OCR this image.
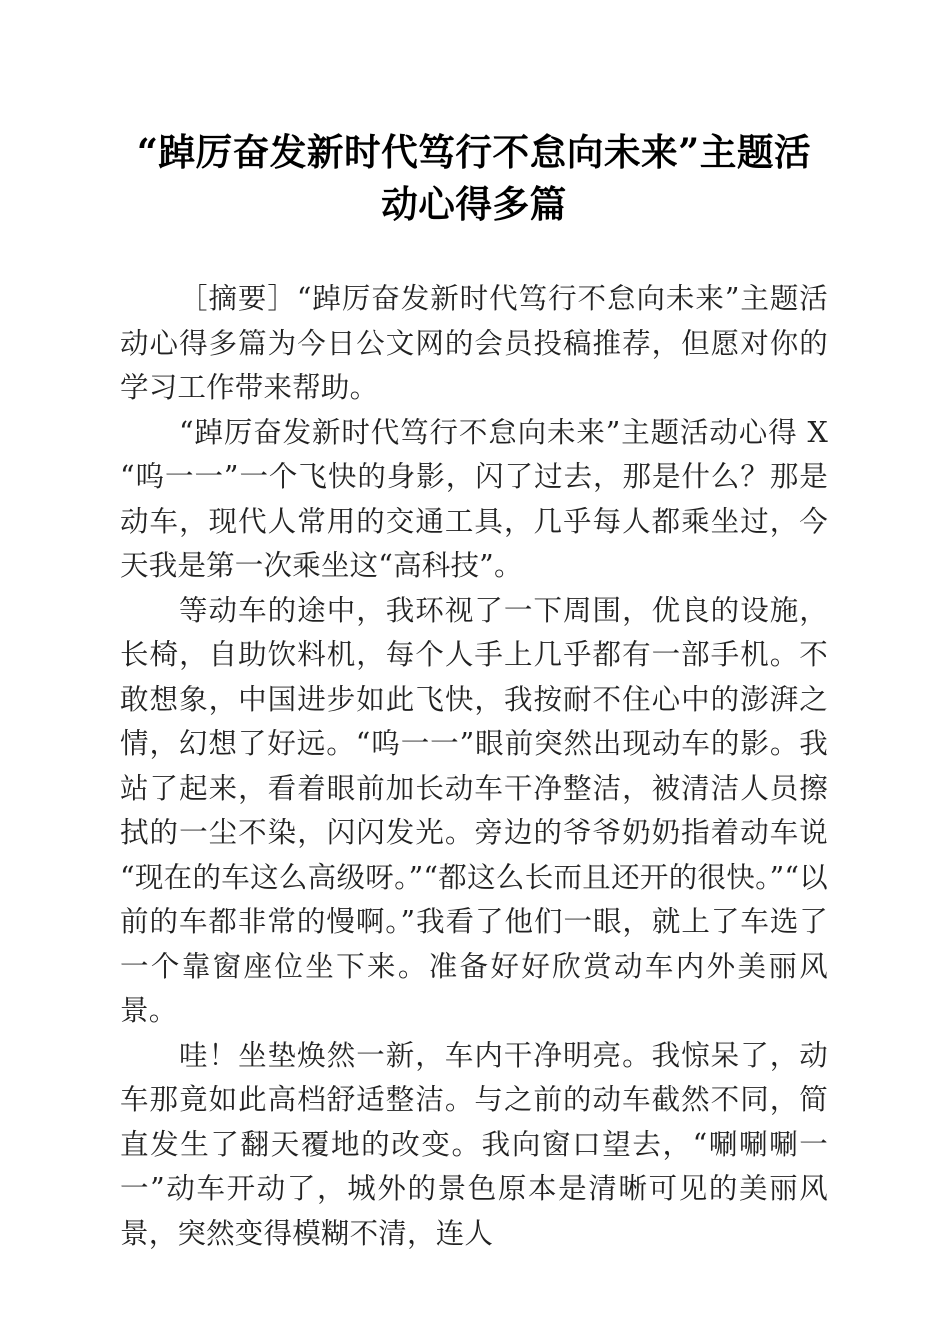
“踔厉奋发新时代笃行不怠向未来”主题活动心得多篇

［摘要］“踔厉奋发新时代笃行不怠向未来”主题活动心得多篇为今日公文网的会员投稿推荐，但愿对你的学习工作带来帮助。

“踔厉奋发新时代笃行不怠向未来”主题活动心得 X “呜一一”一个飞快的身影，闪了过去，那是什么？那是动车，现代人常用的交通工具，几乎每人都乘坐过，今天我是第一次乘坐这“高科技”。

等动车的途中，我环视了一下周围，优良的设施，长椅，自助饮料机，每个人手上几乎都有一部手机。不敢想象，中国进步如此飞快，我按耐不住心中的澎湃之情，幻想了好远。“呜一一”眼前突然出现动车的影。我站了起来，看着眼前加长动车干净整洁，被清洁人员擦拭的一尘不染，闪闪发光。旁边的爷爷奶奶指着动车说“现在的车这么高级呀。”“都这么长而且还开的很快。”“以前的车都非常的慢啊。”我看了他们一眼，就上了车选了一个靠窗座位坐下来。准备好好欣赏动车内外美丽风景。

哇！坐垫焕然一新，车内干净明亮。我惊呆了，动车那竟如此高档舒适整洁。与之前的动车截然不同，简直发生了翻天覆地的改变。我向窗口望去，“唰唰唰一一”动车开动了，城外的景色原本是清晰可见的美丽风景，突然变得模糊不清，连人
